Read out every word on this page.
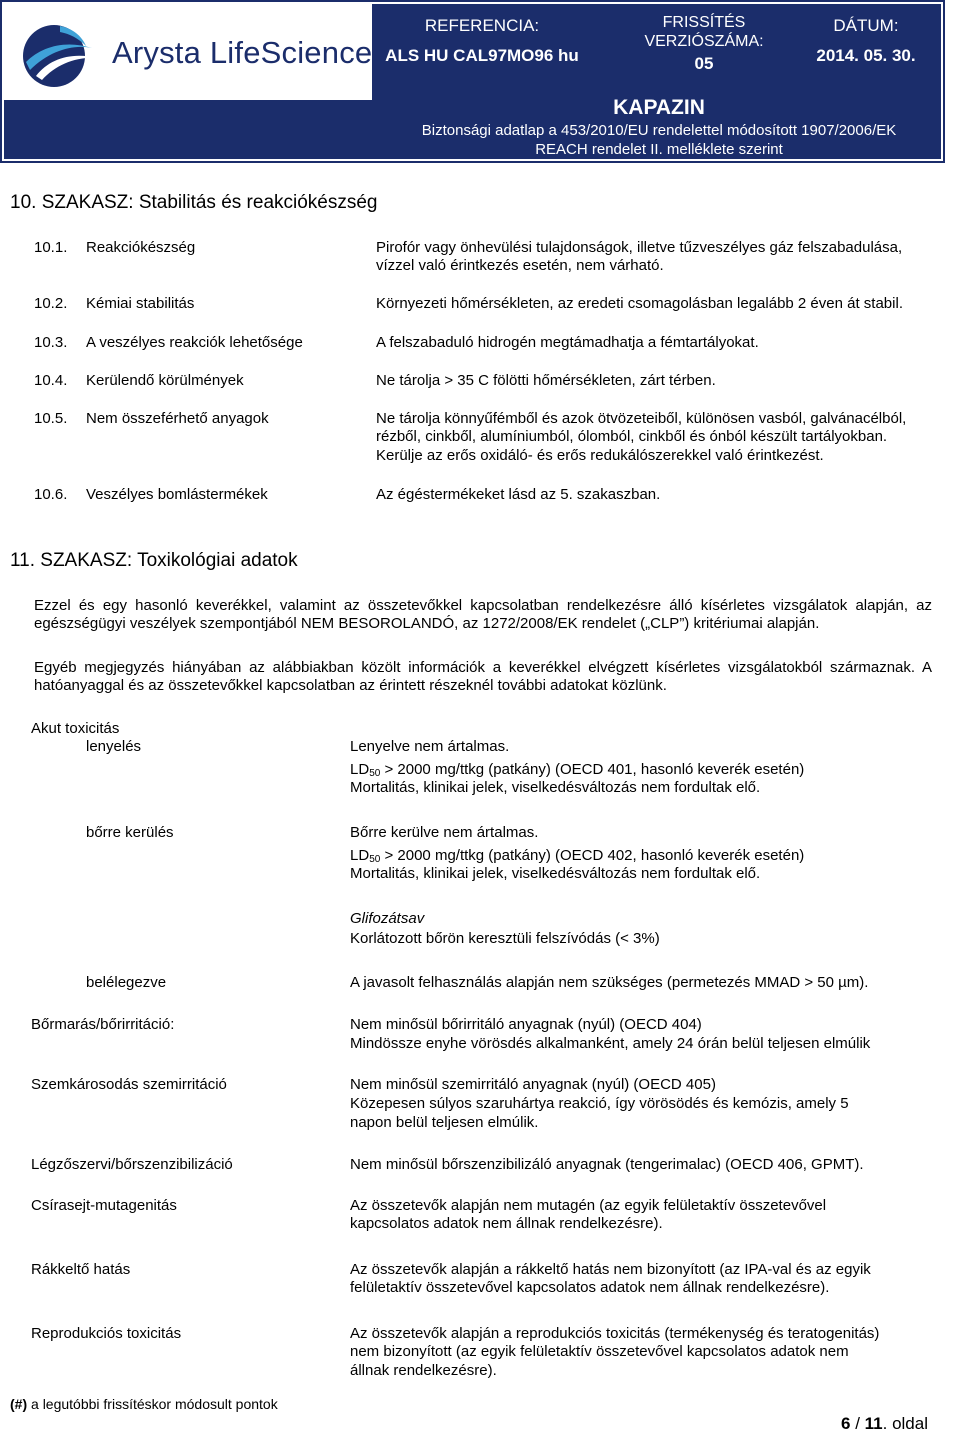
Arysta LifeScience
REFERENCIA:
ALS HU CAL97MO96 hu
FRISSÍTÉS
VERZIÓSZÁMA:
05
DÁTUM:
2014. 05. 30.
KAPAZIN
Biztonsági adatlap a 453/2010/EU rendelettel módosított 1907/2006/EK
REACH rendelet II. melléklete szerint
10. SZAKASZ: Stabilitás és reakciókészség
10.1.	Reakciókészség	Pirofór vagy önhevülési tulajdonságok, illetve tűzveszélyes gáz felszabadulása,
vízzel való érintkezés esetén, nem várható.
10.2.	Kémiai stabilitás	Környezeti hőmérsékleten, az eredeti csomagolásban legalább 2 éven át stabil.
10.3.	A veszélyes reakciók lehetősége	A felszabaduló hidrogén megtámadhatja a fémtartályokat.
10.4.	Kerülendő körülmények	Ne tárolja > 35 C fölötti hőmérsékleten, zárt térben.
10.5.	Nem összeférhető anyagok	Ne tárolja könnyűfémből és azok ötvözeteiből, különösen vasból, galvánacélból,
rézből, cinkből, alumíniumból, ólomból, cinkből és ónból készült tartályokban.
Kerülje az erős oxidáló- és erős redukálószerekkel való érintkezést.
10.6.	Veszélyes bomlástermékek	Az égéstermékeket lásd az 5. szakaszban.
11. SZAKASZ: Toxikológiai adatok
Ezzel és egy hasonló keverékkel, valamint az összetevőkkel kapcsolatban rendelkezésre álló kísérletes vizsgálatok alapján, az egészségügyi veszélyek szempontjából NEM BESOROLANDÓ, az 1272/2008/EK rendelet („CLP”) kritériumai alapján.
Egyéb megjegyzés hiányában az alábbiakban közölt információk a keverékkel elvégzett kísérletes vizsgálatokból származnak. A hatóanyaggal és az összetevőkkel kapcsolatban az érintett részeknél további adatokat közlünk.
Akut toxicitás
lenyelés	Lenyelve nem ártalmas.
$LD_{50} > 2000$ mg/ttkg (patkány) (OECD 401, hasonló keverék esetén)
Mortalitás, klinikai jelek, viselkedésváltozás nem fordultak elő.
bőrre kerülés	Bőrre kerülve nem ártalmas.
$LD_{50} > 2000$ mg/ttkg (patkány) (OECD 402, hasonló keverék esetén)
Mortalitás, klinikai jelek, viselkedésváltozás nem fordultak elő.
Glifozátsav
Korlátozott bőrön keresztüli felszívódás (< 3%)
belélegezve	A javasolt felhasználás alapján nem szükséges (permetezés MMAD > 50 µm).
Bőrmarás/bőrirritáció:	Nem minősül bőrirritáló anyagnak (nyúl) (OECD 404)
Mindössze enyhe vörösdés alkalmanként, amely 24 órán belül teljesen elmúlik
Szemkárosodás szemirritáció	Nem minősül szemirritáló anyagnak (nyúl) (OECD 405)
Közepesen súlyos szaruhártya reakció, így vörösödés és kemózis, amely 5
napon belül teljesen elmúlik.
Légzőszervi/bőrszenzibilizáció	Nem minősül bőrszenzibilizáló anyagnak (tengerimalac) (OECD 406, GPMT).
Csírasejt-mutagenitás	Az összetevők alapján nem mutagén (az egyik felületaktív összetevővel
kapcsolatos adatok nem állnak rendelkezésre).
Rákkeltő hatás	Az összetevők alapján a rákkeltő hatás nem bizonyított (az IPA-val és az egyik
felületaktív összetevővel kapcsolatos adatok nem állnak rendelkezésre).
Reprodukciós toxicitás	Az összetevők alapján a reprodukciós toxicitás (termékenység és teratogenitás)
nem bizonyított (az egyik felületaktív összetevővel kapcsolatos adatok nem
állnak rendelkezésre).
(#) a legutóbbi frissítéskor módosult pontok
6 / 11. oldal
